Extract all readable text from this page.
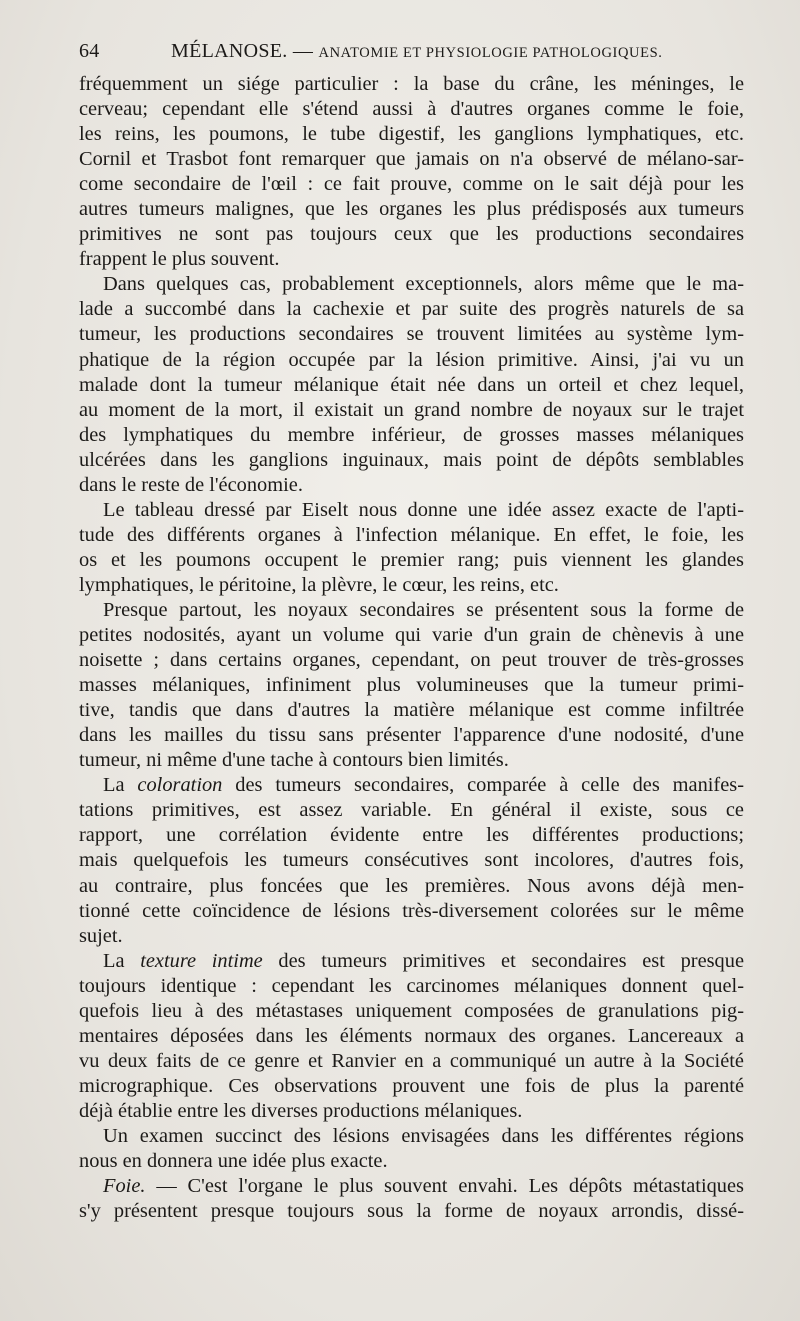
64	MÉLANOSE. — ANATOMIE ET PHYSIOLOGIE PATHOLOGIQUES.
fréquemment un siége particulier : la base du crâne, les méninges, le
cerveau; cependant elle s'étend aussi à d'autres organes comme le foie,
les reins, les poumons, le tube digestif, les ganglions lymphatiques, etc.
Cornil et Trasbot font remarquer que jamais on n'a observé de mélano-sar-
come secondaire de l'œil : ce fait prouve, comme on le sait déjà pour les
autres tumeurs malignes, que les organes les plus prédisposés aux tumeurs
primitives ne sont pas toujours ceux que les productions secondaires
frappent le plus souvent.
Dans quelques cas, probablement exceptionnels, alors même que le ma-
lade a succombé dans la cachexie et par suite des progrès naturels de sa
tumeur, les productions secondaires se trouvent limitées au système lym-
phatique de la région occupée par la lésion primitive. Ainsi, j'ai vu un
malade dont la tumeur mélanique était née dans un orteil et chez lequel,
au moment de la mort, il existait un grand nombre de noyaux sur le trajet
des lymphatiques du membre inférieur, de grosses masses mélaniques
ulcérées dans les ganglions inguinaux, mais point de dépôts semblables
dans le reste de l'économie.
Le tableau dressé par Eiselt nous donne une idée assez exacte de l'apti-
tude des différents organes à l'infection mélanique. En effet, le foie, les
os et les poumons occupent le premier rang; puis viennent les glandes
lymphatiques, le péritoine, la plèvre, le cœur, les reins, etc.
Presque partout, les noyaux secondaires se présentent sous la forme de
petites nodosités, ayant un volume qui varie d'un grain de chènevis à une
noisette ; dans certains organes, cependant, on peut trouver de très-grosses
masses mélaniques, infiniment plus volumineuses que la tumeur primi-
tive, tandis que dans d'autres la matière mélanique est comme infiltrée
dans les mailles du tissu sans présenter l'apparence d'une nodosité, d'une
tumeur, ni même d'une tache à contours bien limités.
La coloration des tumeurs secondaires, comparée à celle des manifes-
tations primitives, est assez variable. En général il existe, sous ce
rapport, une corrélation évidente entre les différentes productions;
mais quelquefois les tumeurs consécutives sont incolores, d'autres fois,
au contraire, plus foncées que les premières. Nous avons déjà men-
tionné cette coïncidence de lésions très-diversement colorées sur le même
sujet.
La texture intime des tumeurs primitives et secondaires est presque
toujours identique : cependant les carcinomes mélaniques donnent quel-
quefois lieu à des métastases uniquement composées de granulations pig-
mentaires déposées dans les éléments normaux des organes. Lancereaux a
vu deux faits de ce genre et Ranvier en a communiqué un autre à la Société
micrographique. Ces observations prouvent une fois de plus la parenté
déjà établie entre les diverses productions mélaniques.
Un examen succinct des lésions envisagées dans les différentes régions
nous en donnera une idée plus exacte.
Foie. — C'est l'organe le plus souvent envahi. Les dépôts métastatiques
s'y présentent presque toujours sous la forme de noyaux arrondis, dissé-
